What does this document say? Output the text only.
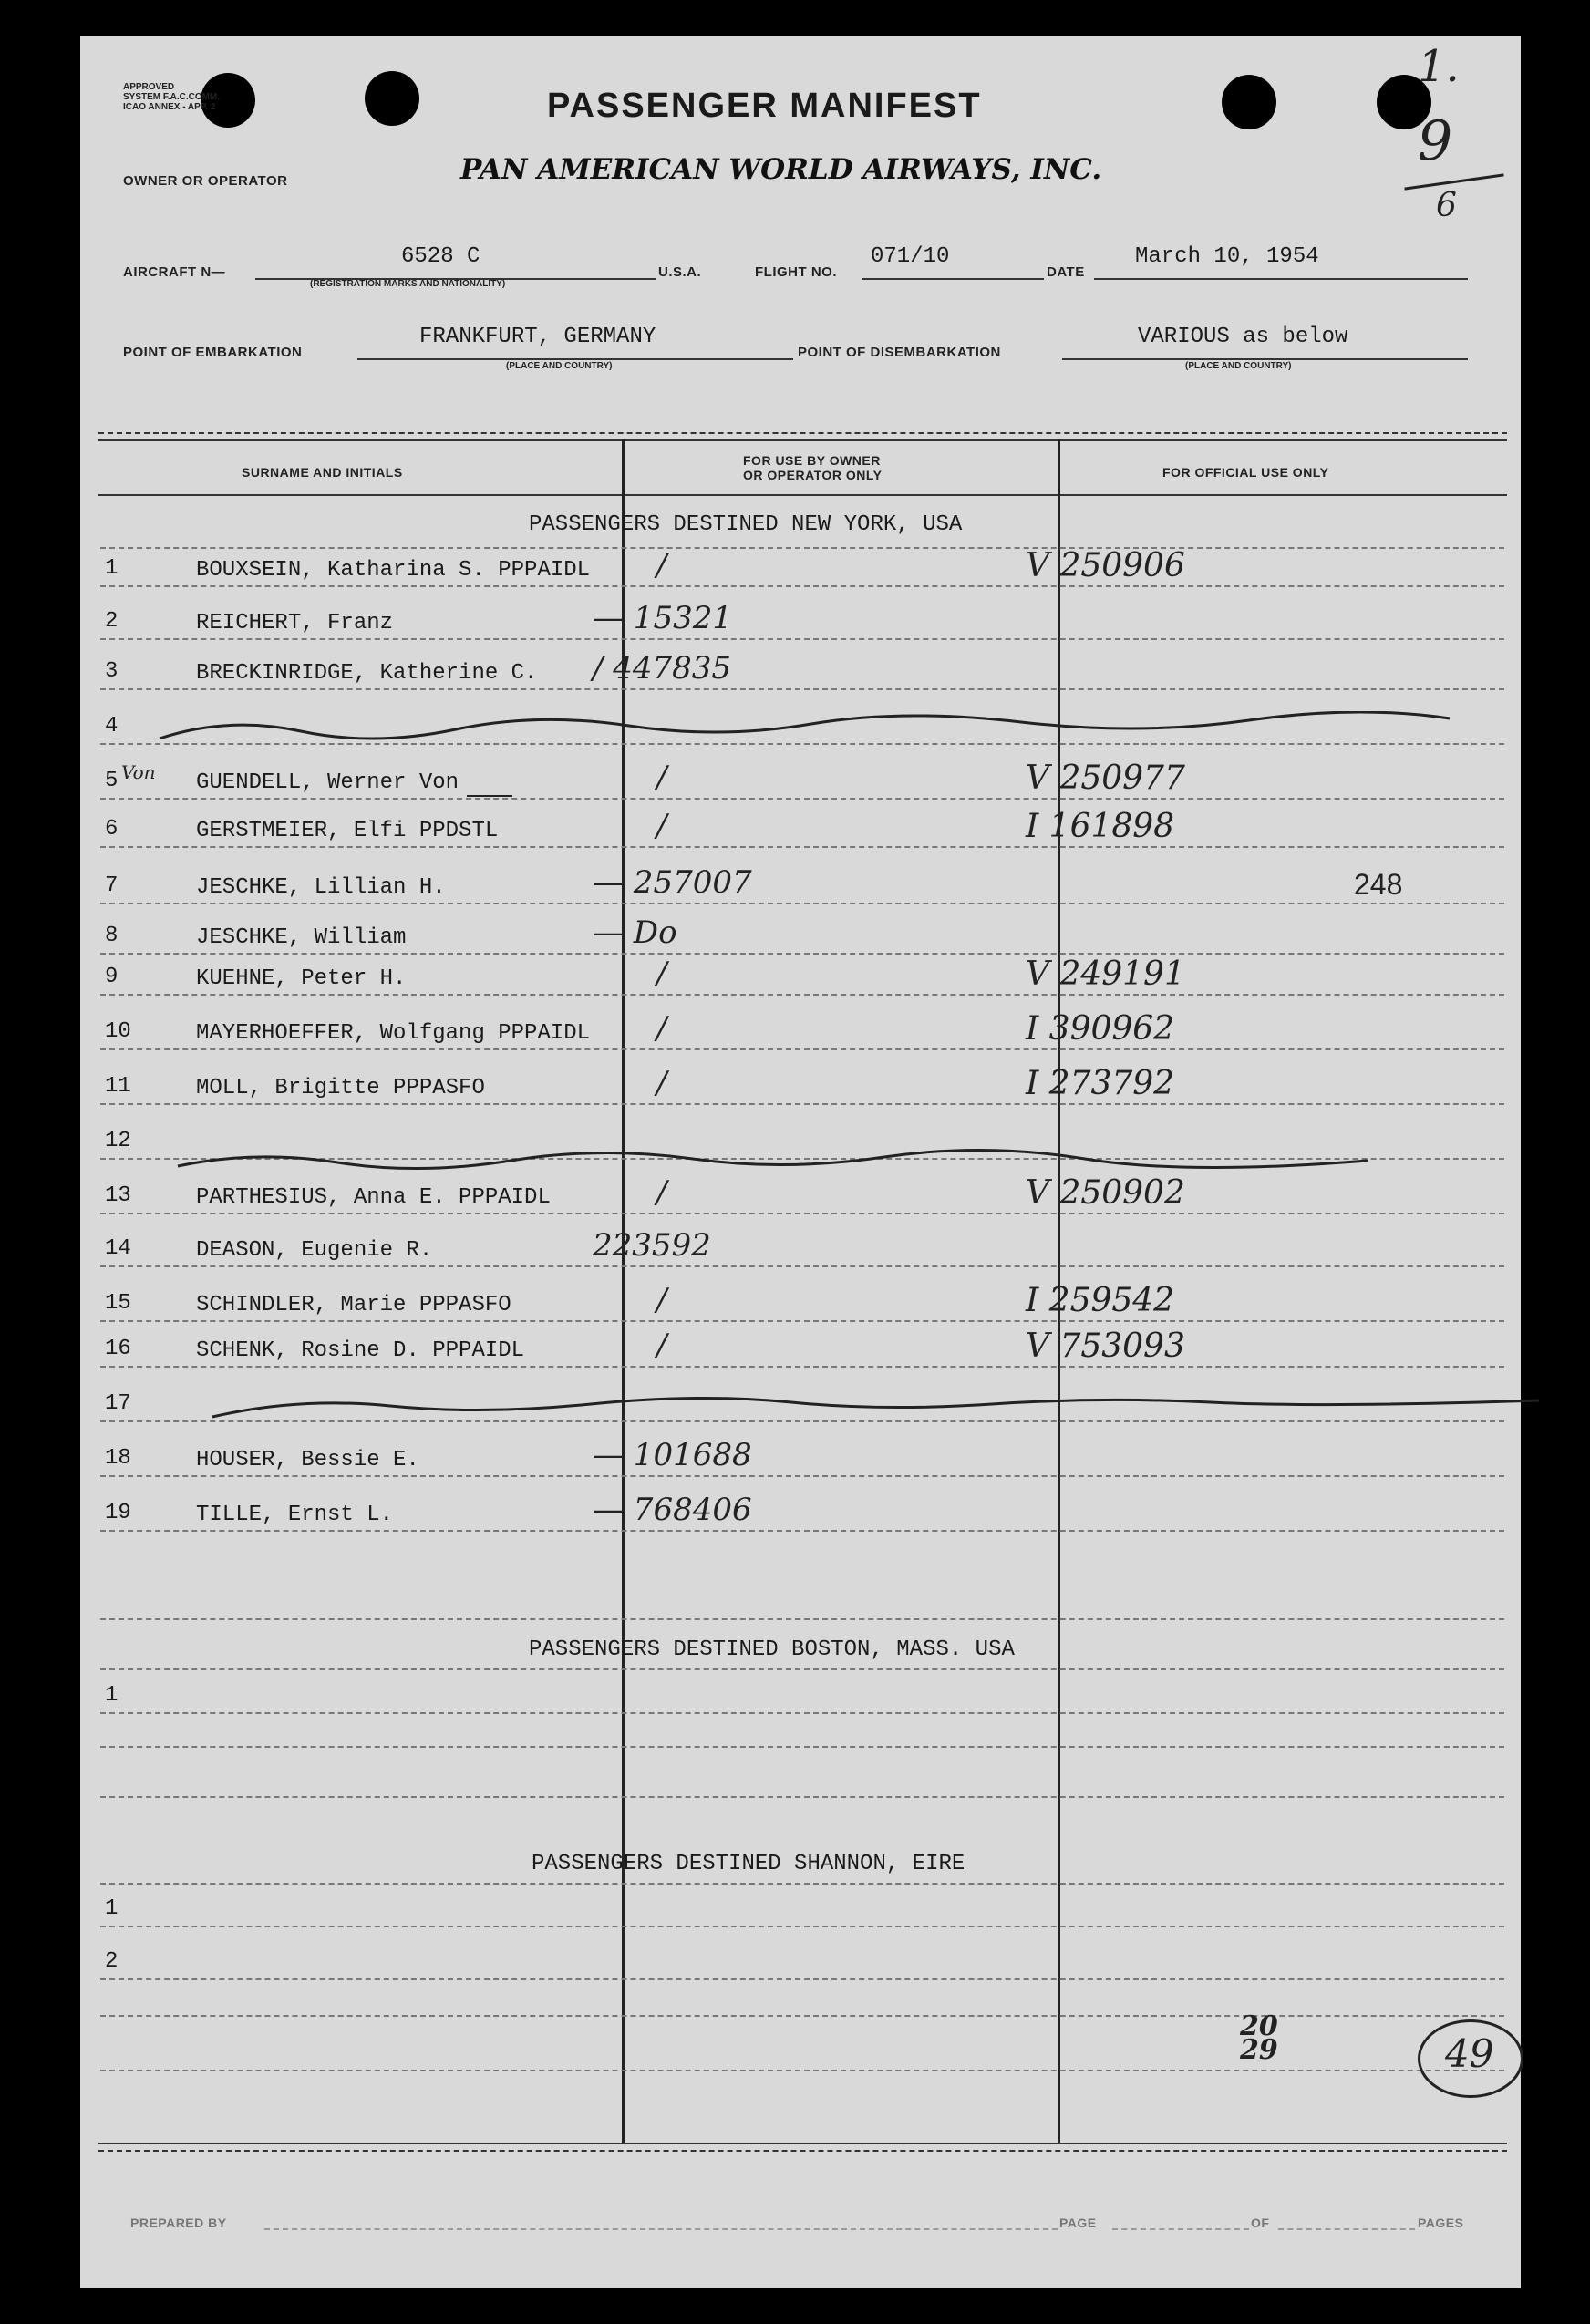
APPROVED
SYSTEM F.A.C.COMM.
ICAO ANNEX - APP. 2	PASSENGER MANIFEST
PAN AMERICAN WORLD AIRWAYS, INC.
OWNER OR OPERATOR
1.
9
6
AIRCRAFT N—
6528 C
(REGISTRATION MARKS AND NATIONALITY)
U.S.A.	FLIGHT NO.
071/10
DATE
March 10, 1954
POINT OF EMBARKATION
FRANKFURT, GERMANY
(PLACE AND COUNTRY)
POINT OF DISEMBARKATION
VARIOUS as below
(PLACE AND COUNTRY)
SURNAME AND INITIALS
FOR USE BY OWNER
OR OPERATOR ONLY	FOR OFFICIAL USE ONLY
PASSENGERS DESTINED NEW YORK, USA
PASSENGERS DESTINED BOSTON, MASS. USA
PASSENGERS DESTINED SHANNON, EIRE
1	BOUXSEIN, Katharina S. PPPAIDL /	V 250906
2	REICHERT, Franz	— 15321
3	BRECKINRIDGE, Katherine C. / 447835
4
5	GUENDELL, Werner Von	/	V 250977
6	GERSTMEIER, Elfi PPDSTL	/	I 161898
7	JESCHKE, Lillian H.	— 257007	248
8	JESCHKE, William	— Do
9	KUEHNE, Peter H.	/	V 249191
10	MAYERHOEFFER, Wolfgang PPPAIDL /	I 390962
11	MOLL, Brigitte PPPASFO	/	I 273792
12
13	PARTHESIUS, Anna E. PPPAIDL	/	V 250902
14	DEASON, Eugenie R.	223592
15	SCHINDLER, Marie PPPASFO	/	I 259542
16	SCHENK, Rosine D. PPPAIDL	/	V 753093
17
18	HOUSER, Bessie E.	— 101688
19	TILLE, Ernst L.	— 768406
1
1
2
Von
20
29	49
PREPARED BY	PAGE	OF	PAGES
